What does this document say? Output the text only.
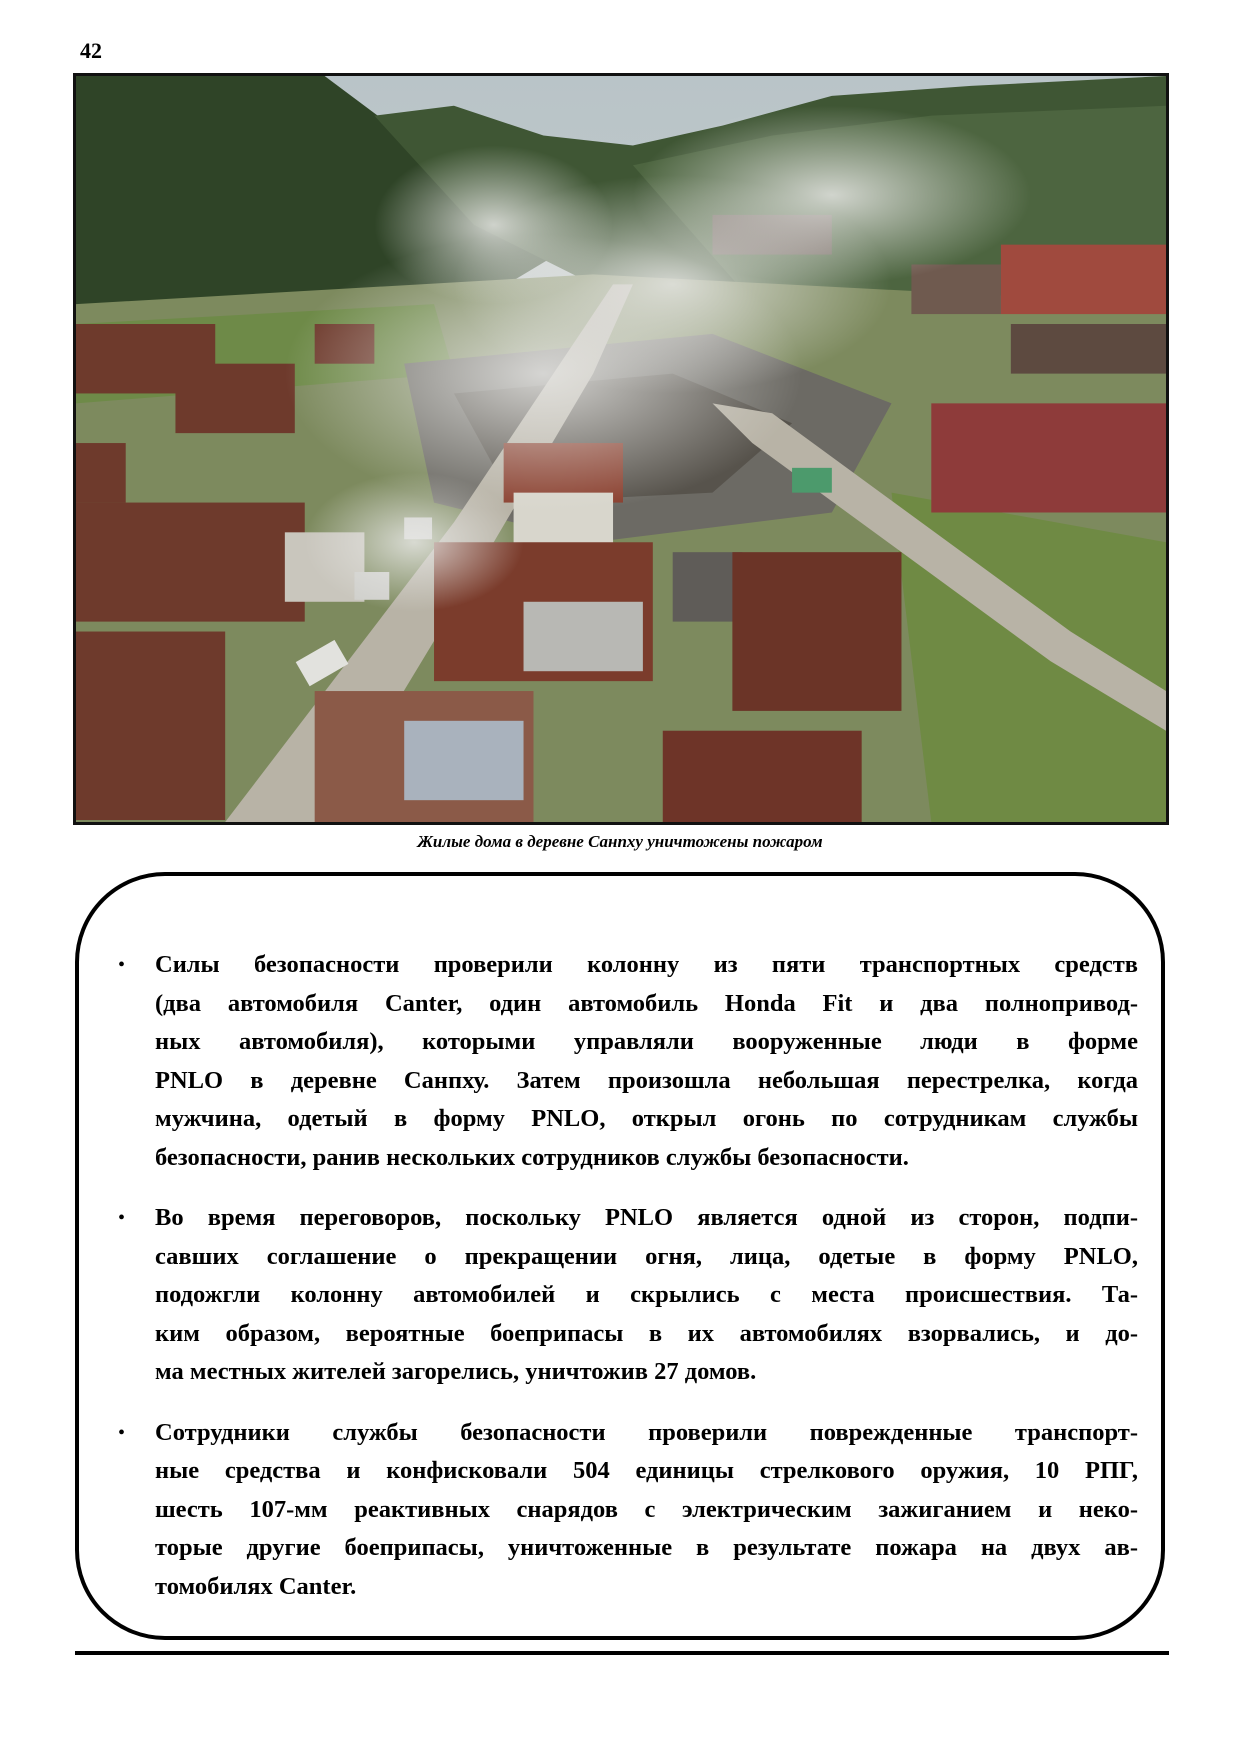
42
Жилые дома в деревне Санпху уничтожены пожаром
• Силы безопасности проверили колонну из пяти транспортных средств
(два автомобиля Canter, один автомобиль Honda Fit и два полнопривод-
ных автомобиля), которыми управляли вооруженные люди в форме
PNLO в деревне Санпху. Затем произошла небольшая перестрелка, когда
мужчина, одетый в форму PNLO, открыл огонь по сотрудникам службы
безопасности, ранив нескольких сотрудников службы безопасности.
• Во время переговоров, поскольку PNLO является одной из сторон, подпи-
савших соглашение о прекращении огня, лица, одетые в форму PNLO,
подожгли колонну автомобилей и скрылись с места происшествия. Та-
ким образом, вероятные боеприпасы в их автомобилях взорвались, и до-
ма местных жителей загорелись, уничтожив 27 домов.
• Сотрудники службы безопасности проверили поврежденные транспорт-
ные средства и конфисковали 504 единицы стрелкового оружия, 10 РПГ,
шесть 107-мм реактивных снарядов с электрическим зажиганием и неко-
торые другие боеприпасы, уничтоженные в результате пожара на двух ав-
томобилях Canter.
